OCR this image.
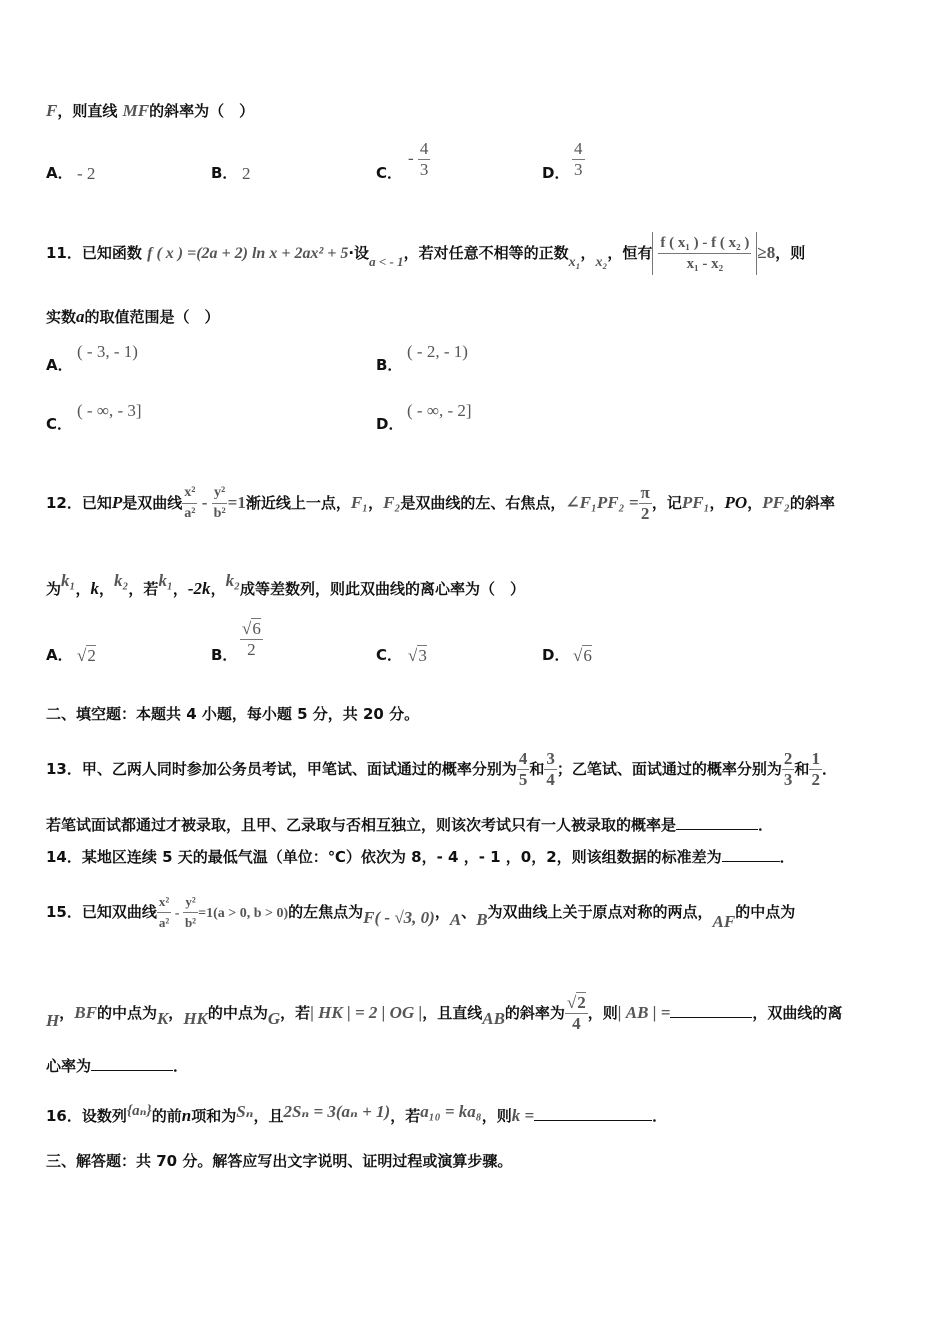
F，则直线 MF的斜率为（　）
A． - 2	B． 2	C．
- $\frac{4}{3}$	D． $\frac{4}{3}$
11．已知函数 f ( x ) =(2a + 2) ln x + 2ax² + 5·设a < - 1，若对任意不相等的正数x₁，x₂，恒有 $\frac{\text{f ( x₁ ) - f ( x₂ )}}{\text{x₁ - x₂}} \ge 8$，则
实数a的取值范围是（　）
A．
( - 3, - 1)
B．
( - 2, - 1)
C．
( - ∞, - 3]
D．
( - ∞, - 2]
12．已知P是双曲线 $\frac{\text{x²}}{\text{a²}} - \frac{\text{y²}}{\text{b²}} =1$渐近线上一点，F₁，F₂是双曲线的左、右焦点，∠F₁PF₂ = $\frac{\pi}{2}$ ，记PF₁，PO，PF₂的斜率
为k₁，k，k₂，若k₁，-2k，k₂成等差数列，则此双曲线的离心率为（　）
A． √2	B． $\frac{√6}{2}$	C． √3	D． √6
二、填空题：本题共 4 小题，每小题 5 分，共 20 分。
13．甲、乙两人同时参加公务员考试，甲笔试、面试通过的概率分别为 $\frac{4}{5}$ 和 $\frac{3}{4}$ ；乙笔试、面试通过的概率分别为 $\frac{2}{3}$ 和 $\frac{1}{2}$ ．
若笔试面试都通过才被录取，且甲、乙录取与否相互独立，则该次考试只有一人被录取的概率是	．
14．某地区连续 5 天的最低气温（单位：℃）依次为 8，- 4 ，- 1 ，0，2，则该组数据的标准差为	．
15．已知双曲线 $\frac{\text{x²}}{\text{a²}} - \frac{\text{y²}}{\text{b²}} =1(a > 0$, b > 0)的左焦点为F( - √3, 0)，A、B为双曲线上关于原点对称的两点，AF的中点为
H，BF的中点为K，HK的中点为G，若| HK | = 2 | OG |，且直线AB的斜率为 $\frac{√2}{4}$ ，则| AB | =	，双曲线的离
心率为	．
16．设数列{aₙ}的前n项和为Sₙ，且2Sₙ = 3(aₙ + 1)，若a₁₀ = ka₈，则k =	．
三、解答题：共 70 分。解答应写出文字说明、证明过程或演算步骤。
